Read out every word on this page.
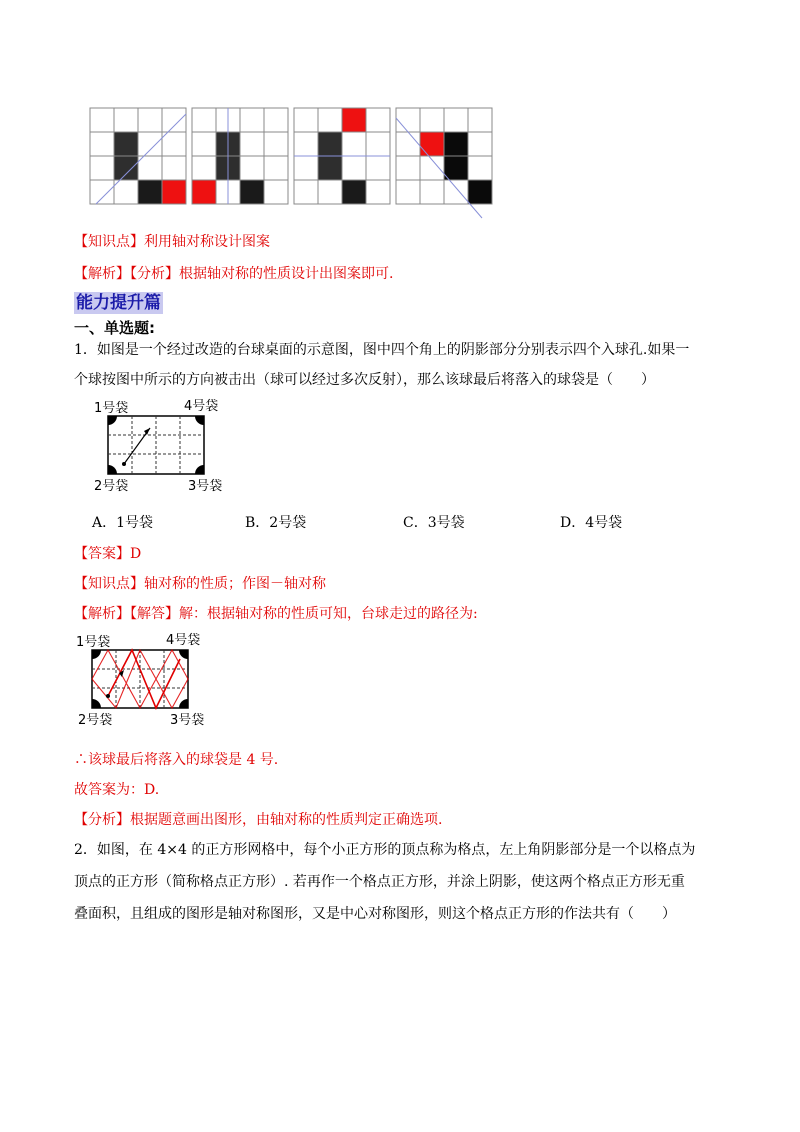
【知识点】利用轴对称设计图案
【解析】【分析】根据轴对称的性质设计出图案即可.
能力提升篇
一、单选题:
1．如图是一个经过改造的台球桌面的示意图，图中四个角上的阴影部分分别表示四个入球孔.如果一
个球按图中所示的方向被击出（球可以经过多次反射），那么该球最后将落入的球袋是（　　）
1号袋	4号袋
2号袋	3号袋
A．1号袋	B．2号袋	C．3号袋	D．4号袋
【答案】D
【知识点】轴对称的性质；作图－轴对称
【解析】【解答】解：根据轴对称的性质可知，台球走过的路径为:
1号袋	4号袋
2号袋	3号袋
∴该球最后将落入的球袋是 4 号.
故答案为：D.
【分析】根据题意画出图形，由轴对称的性质判定正确选项.
2．如图，在 4×4 的正方形网格中，每个小正方形的顶点称为格点，左上角阴影部分是一个以格点为
顶点的正方形（简称格点正方形）. 若再作一个格点正方形，并涂上阴影，使这两个格点正方形无重
叠面积，且组成的图形是轴对称图形，又是中心对称图形，则这个格点正方形的作法共有（　　）
